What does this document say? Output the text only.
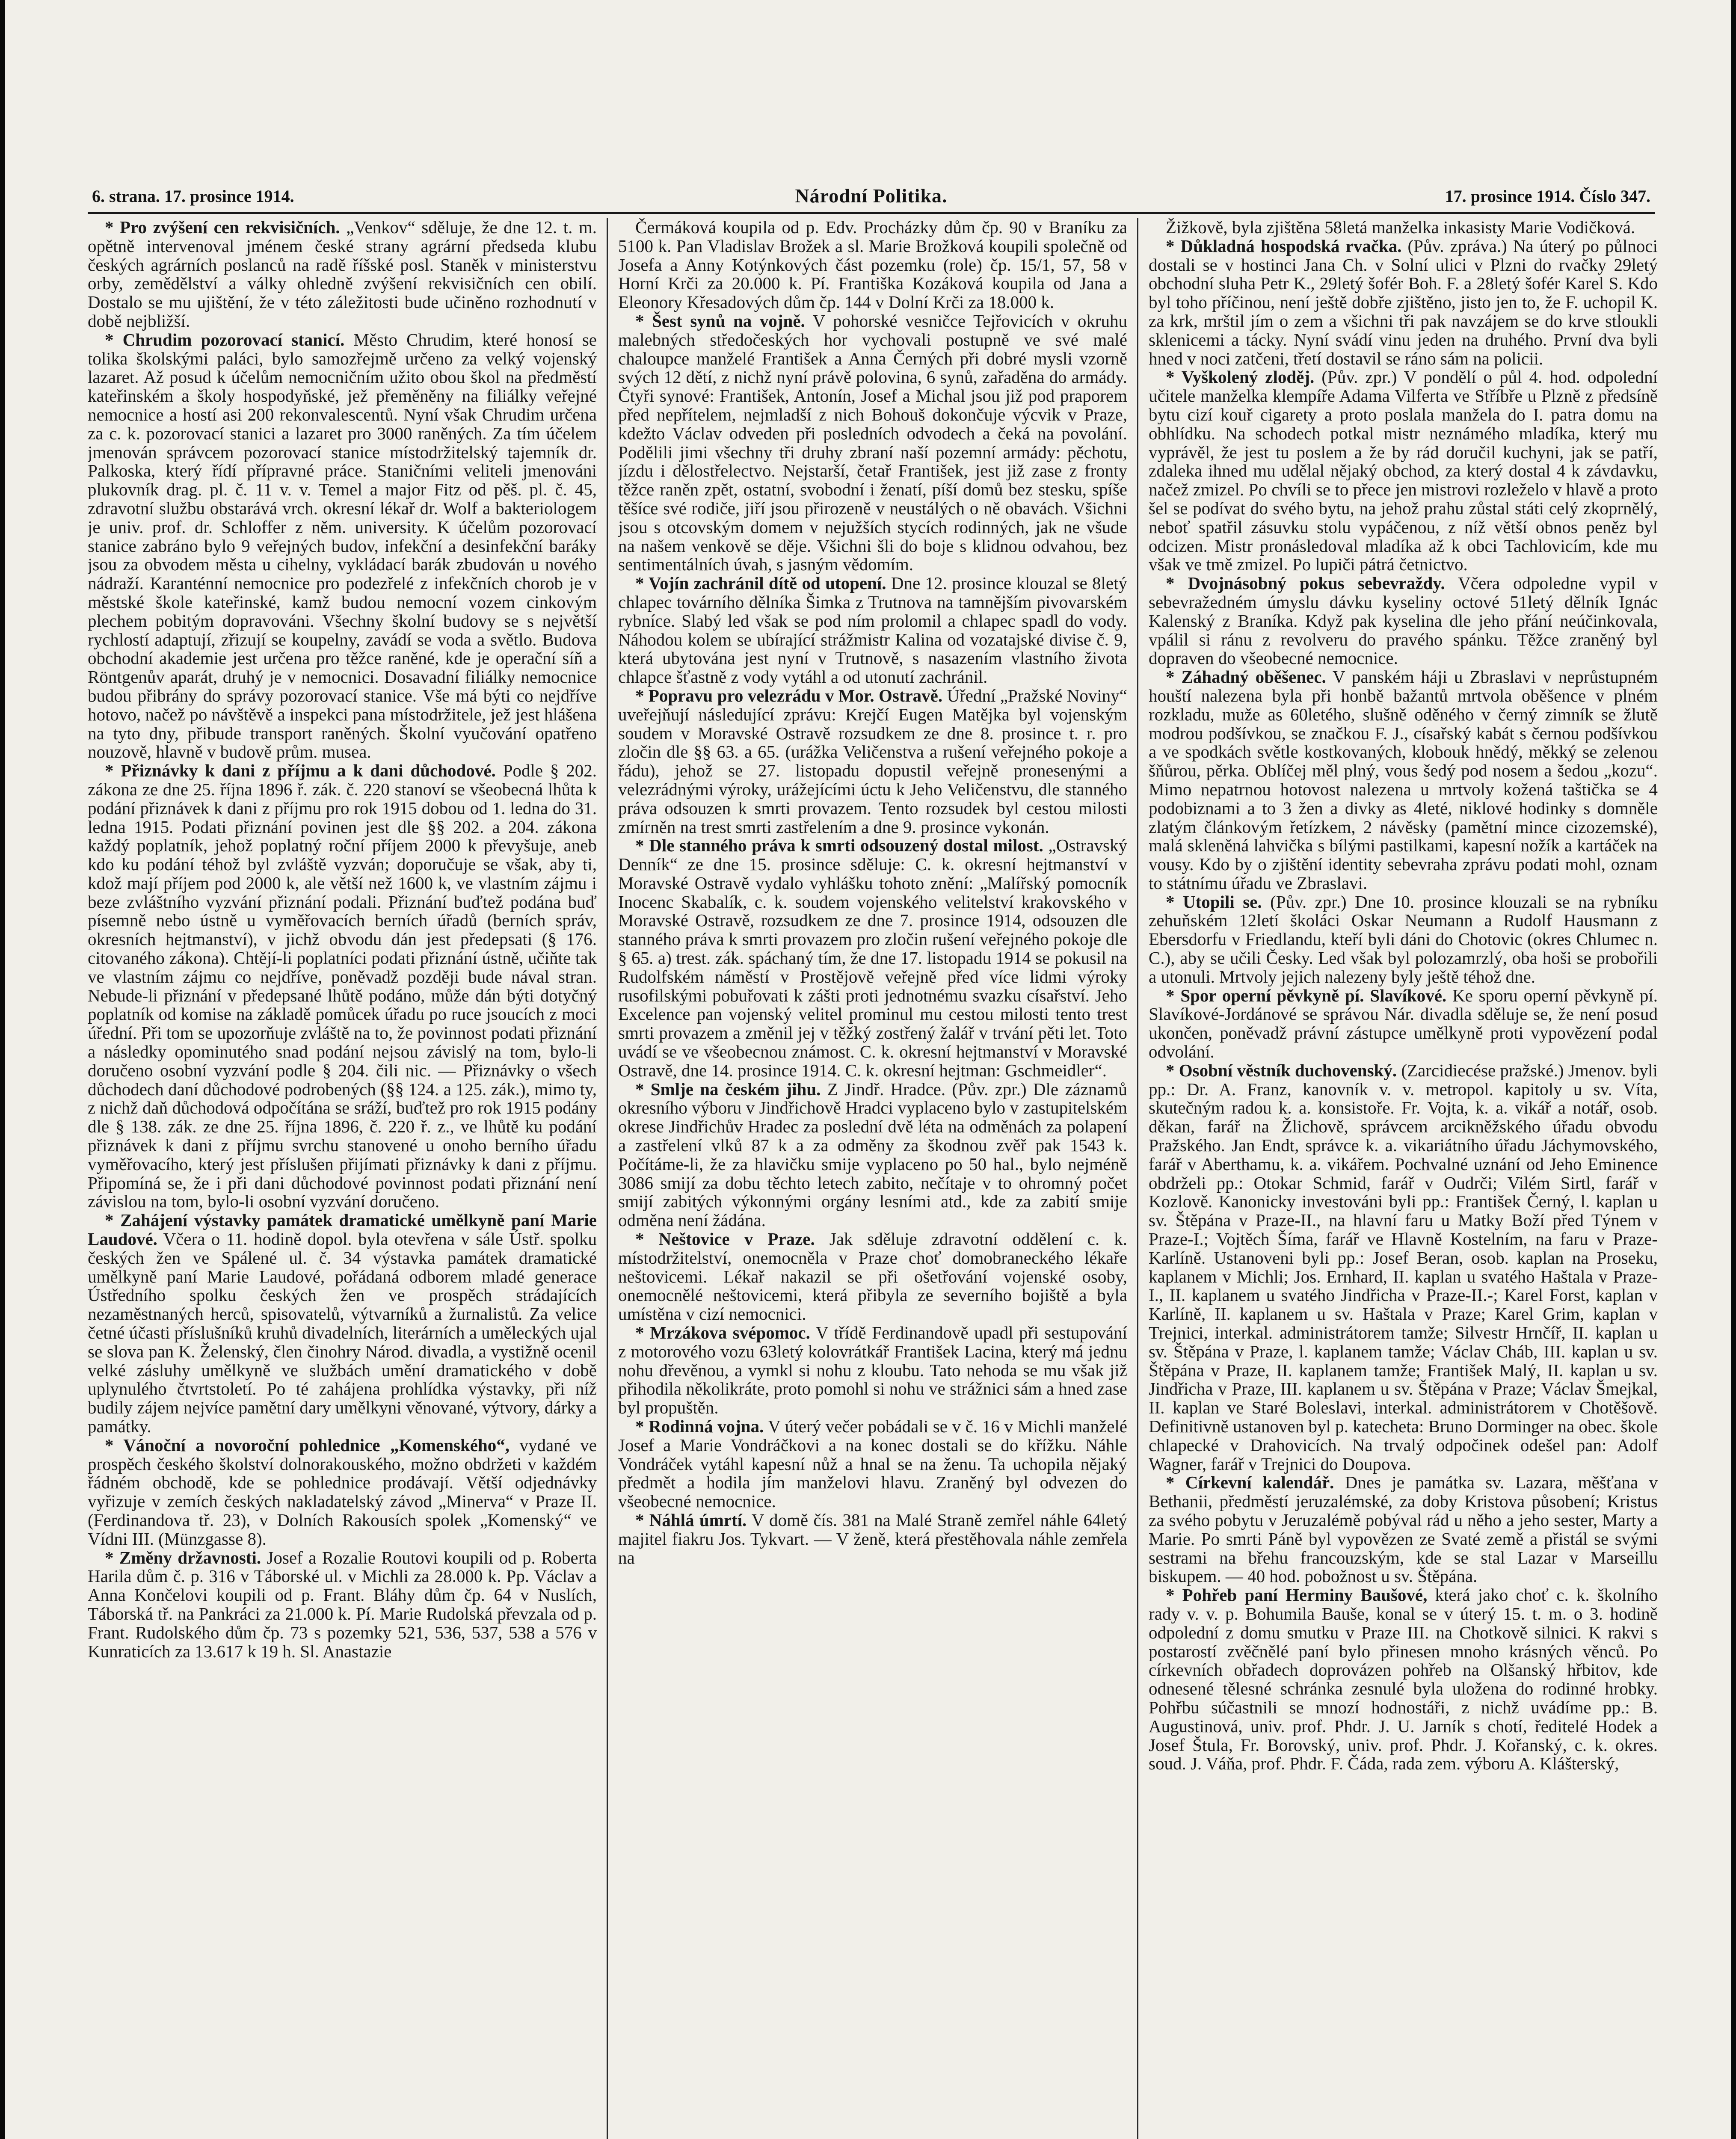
6. strana. 17. prosince 1914.	Národní Politika.	17. prosince 1914. Číslo 347.

* Pro zvýšení cen rekvisičních. „Venkov“ sděluje, že dne 12. t. m. opětně intervenoval jménem české strany agrární předseda klubu českých agrárních poslanců na radě říšské posl. Staněk v ministerstvu orby, zemědělství a války ohledně zvýšení rekvisičních cen obilí. Dostalo se mu ujištění, že v této záležitosti bude učiněno rozhodnutí v době nejbližší.

* Chrudim pozorovací stanicí. Město Chrudim, které honosí se tolika školskými paláci, bylo samozřejmě určeno za velký vojenský lazaret. Až posud k účelům nemocničním užito obou škol na předměstí kateřinském a školy hospodyňské, jež přeměněny na filiálky veřejné nemocnice a hostí asi 200 rekonvalescentů. Nyní však Chrudim určena za c. k. pozorovací stanici a lazaret pro 3000 raněných. Za tím účelem jmenován správcem pozorovací stanice místodržitelský tajemník dr. Palkoska, který řídí přípravné práce. Staničními veliteli jmenováni plukovník drag. pl. č. 11 v. v. Temel a major Fitz od pěš. pl. č. 45, zdravotní službu obstarává vrch. okresní lékař dr. Wolf a bakteriologem je univ. prof. dr. Schloffer z něm. university. K účelům pozorovací stanice zabráno bylo 9 veřejných budov, infekční a desinfekční baráky jsou za obvodem města u cihelny, vykládací barák zbudován u nového nádraží. Karanténní nemocnice pro podezřelé z infekčních chorob je v městské škole kateřinské, kamž budou nemocní vozem cinkovým plechem pobitým dopravováni. Všechny školní budovy se s největší rychlostí adaptují, zřizují se koupelny, zavádí se voda a světlo. Budova obchodní akademie jest určena pro těžce raněné, kde je operační síň a Röntgenův aparát, druhý je v nemocnici. Dosavadní filiálky nemocnice budou přibrány do správy pozorovací stanice. Vše má býti co nejdříve hotovo, načež po návštěvě a inspekci pana místodržitele, jež jest hlášena na tyto dny, přibude transport raněných. Školní vyučování opatřeno nouzově, hlavně v budově prům. musea.

* Přiznávky k dani z příjmu a k dani důchodové. Podle § 202. zákona ze dne 25. října 1896 ř. zák. č. 220 stanoví se všeobecná lhůta k podání přiznávek k dani z příjmu pro rok 1915 dobou od 1. ledna do 31. ledna 1915. Podati přiznání povinen jest dle §§ 202. a 204. zákona každý poplatník, jehož poplatný roční příjem 2000 k převyšuje, aneb kdo ku podání téhož byl zvláště vyzván; doporučuje se však, aby ti, kdož mají příjem pod 2000 k, ale větší než 1600 k, ve vlastním zájmu i beze zvláštního vyzvání přiznání podali. Přiznání buďtež podána buď písemně nebo ústně u vyměřovacích berních úřadů (berních správ, okresních hejtmanství), v jichž obvodu dán jest předepsati (§ 176. citovaného zákona). Chtějí-li poplatníci podati přiznání ústně, učiňte tak ve vlastním zájmu co nejdříve, poněvadž později bude nával stran. Nebude-li přiznání v předepsané lhůtě podáno, může dán býti dotyčný poplatník od komise na základě pomůcek úřadu po ruce jsoucích z moci úřední. Při tom se upozorňuje zvláště na to, že povinnost podati přiznání a následky opominutého snad podání nejsou závislý na tom, bylo-li doručeno osobní vyzvání podle § 204. čili nic. — Přiznávky o všech důchodech daní důchodové podrobených (§§ 124. a 125. zák.), mimo ty, z nichž daň důchodová odpočítána se sráží, buďtež pro rok 1915 podány dle § 138. zák. ze dne 25. října 1896, č. 220 ř. z., ve lhůtě ku podání přiznávek k dani z příjmu svrchu stanovené u onoho berního úřadu vyměřovacího, který jest příslušen přijímati přiznávky k dani z příjmu. Připomíná se, že i při dani důchodové povinnost podati přiznání není závislou na tom, bylo-li osobní vyzvání doručeno.

* Zahájení výstavky památek dramatické umělkyně paní Marie Laudové. Včera o 11. hodině dopol. byla otevřena v sále Ústř. spolku českých žen ve Spálené ul. č. 34 výstavka památek dramatické umělkyně paní Marie Laudové, pořádaná odborem mladé generace Ústředního spolku českých žen ve prospěch strádajících nezaměstnaných herců, spisovatelů, výtvarníků a žurnalistů. Za velice četné účasti příslušníků kruhů divadelních, literárních a uměleckých ujal se slova pan K. Želenský, člen činohry Národ. divadla, a vystižně ocenil velké zásluhy umělkyně ve službách umění dramatického v době uplynulého čtvrtstoletí. Po té zahájena prohlídka výstavky, při níž budily zájem nejvíce pamětní dary umělkyni věnované, výtvory, dárky a památky.

* Vánoční a novoroční pohlednice „Komenského“, vydané ve prospěch českého školství dolnorakouského, možno obdržeti v každém řádném obchodě, kde se pohlednice prodávají. Větší odjednávky vyřizuje v zemích českých nakladatelský závod „Minerva“ v Praze II. (Ferdinandova tř. 23), v Dolních Rakousích spolek „Komenský“ ve Vídni III. (Münzgasse 8).

* Změny državnosti. Josef a Rozalie Routovi koupili od p. Roberta Harila dům č. p. 316 v Táborské ul. v Michli za 28.000 k. Pp. Václav a Anna Končelovi koupili od p. Frant. Bláhy dům čp. 64 v Nuslích, Táborská tř. na Pankráci za 21.000 k. Pí. Marie Rudolská převzala od p. Frant. Rudolského dům čp. 73 s pozemky 521, 536, 537, 538 a 576 v Kunraticích za 13.617 k 19 h. Sl. Anastazie

Čermáková koupila od p. Edv. Procházky dům čp. 90 v Braníku za 5100 k. Pan Vladislav Brožek a sl. Marie Brožková koupili společně od Josefa a Anny Kotýnkových část pozemku (role) čp. 15/1, 57, 58 v Horní Krči za 20.000 k. Pí. Františka Kozáková koupila od Jana a Eleonory Křesadových dům čp. 144 v Dolní Krči za 18.000 k.

* Šest synů na vojně. V pohorské vesničce Tejřovicích v okruhu malebných středočeských hor vychovali postupně ve své malé chaloupce manželé František a Anna Černých při dobré mysli vzorně svých 12 dětí, z nichž nyní právě polovina, 6 synů, zařaděna do armády. Čtyři synové: František, Antonín, Josef a Michal jsou již pod praporem před nepřítelem, nejmladší z nich Bohouš dokončuje výcvik v Praze, kdežto Václav odveden při posledních odvodech a čeká na povolání. Podělili jimi všechny tři druhy zbraní naší pozemní armády: pěchotu, jízdu i dělostřelectvo. Nejstarší, četař František, jest již zase z fronty těžce raněn zpět, ostatní, svobodní i ženatí, píší domů bez stesku, spíše těšíce své rodiče, jiří jsou přirozeně v neustálých o ně obavách. Všichni jsou s otcovským domem v nejužších stycích rodinných, jak ne všude na našem venkově se děje. Všichni šli do boje s klidnou odvahou, bez sentimentálních úvah, s jasným vědomím.

* Vojín zachránil dítě od utopení. Dne 12. prosince klouzal se 8letý chlapec továrního dělníka Šimka z Trutnova na tamnějším pivovarském rybníce. Slabý led však se pod ním prolomil a chlapec spadl do vody. Náhodou kolem se ubírající strážmistr Kalina od vozatajské divise č. 9, která ubytována jest nyní v Trutnově, s nasazením vlastního života chlapce šťastně z vody vytáhl a od utonutí zachránil.

* Popravu pro velezrádu v Mor. Ostravě. Úřední „Pražské Noviny“ uveřejňují následující zprávu: Krejčí Eugen Matějka byl vojenským soudem v Moravské Ostravě rozsudkem ze dne 8. prosince t. r. pro zločin dle §§ 63. a 65. (urážka Veličenstva a rušení veřejného pokoje a řádu), jehož se 27. listopadu dopustil veřejně pronesenými a velezrádnými výroky, urážejícími úctu k Jeho Veličenstvu, dle stanného práva odsouzen k smrti provazem. Tento rozsudek byl cestou milosti zmírněn na trest smrti zastřelením a dne 9. prosince vykonán.

* Dle stanného práva k smrti odsouzený dostal milost. „Ostravský Denník“ ze dne 15. prosince sděluje: C. k. okresní hejtmanství v Moravské Ostravě vydalo vyhlášku tohoto znění: „Malířský pomocník Inocenc Skabalík, c. k. soudem vojenského velitelství krakovského v Moravské Ostravě, rozsudkem ze dne 7. prosince 1914, odsouzen dle stanného práva k smrti provazem pro zločin rušení veřejného pokoje dle § 65. a) trest. zák. spáchaný tím, že dne 17. listopadu 1914 se pokusil na Rudolfském náměstí v Prostějově veřejně před více lidmi výroky rusofilskými pobuřovati k zášti proti jednotnému svazku císařství. Jeho Excelence pan vojenský velitel prominul mu cestou milosti tento trest smrti provazem a změnil jej v těžký zostřený žalář v trvání pěti let. Toto uvádí se ve všeobecnou známost. C. k. okresní hejtmanství v Moravské Ostravě, dne 14. prosince 1914. C. k. okresní hejtman: Gschmeidler“.

* Smlje na českém jihu. Z Jindř. Hradce. (Pův. zpr.) Dle záznamů okresního výboru v Jindřichově Hradci vyplaceno bylo v zastupitelském okrese Jindřichův Hradec za poslední dvě léta na odměnách za polapení a zastřelení vlků 87 k a za odměny za škodnou zvěř pak 1543 k. Počítáme-li, že za hlavičku smije vyplaceno po 50 hal., bylo nejméně 3086 smijí za dobu těchto letech zabito, nečítaje v to ohromný počet smijí zabitých výkonnými orgány lesními atd., kde za zabití smije odměna není žádána.

* Neštovice v Praze. Jak sděluje zdravotní oddělení c. k. místodržitelství, onemocněla v Praze choť domobraneckého lékaře neštovicemi. Lékař nakazil se při ošetřování vojenské osoby, onemocnělé neštovicemi, která přibyla ze severního bojiště a byla umístěna v cizí nemocnici.

* Mrzákova svépomoc. V třídě Ferdinandově upadl při sestupování z motorového vozu 63letý kolovrátkář František Lacina, který má jednu nohu dřevěnou, a vymkl si nohu z kloubu. Tato nehoda se mu však již přihodila několikráte, proto pomohl si nohu ve strážnici sám a hned zase byl propuštěn.

* Rodinná vojna. V úterý večer pobádali se v č. 16 v Michli manželé Josef a Marie Vondráčkovi a na konec dostali se do křížku. Náhle Vondráček vytáhl kapesní nůž a hnal se na ženu. Ta uchopila nějaký předmět a hodila jím manželovi hlavu. Zraněný byl odvezen do všeobecné nemocnice.

* Náhlá úmrtí. V domě čís. 381 na Malé Straně zemřel náhle 64letý majitel fiakru Jos. Tykvart. — V ženě, která přestěhovala náhle zemřela na

Žižkově, byla zjištěna 58letá manželka inkasisty Marie Vodičková.

* Důkladná hospodská rvačka. (Pův. zpráva.) Na úterý po půlnoci dostali se v hostinci Jana Ch. v Solní ulici v Plzni do rvačky 29letý obchodní sluha Petr K., 29letý šofér Boh. F. a 28letý šofér Karel S. Kdo byl toho příčinou, není ještě dobře zjištěno, jisto jen to, že F. uchopil K. za krk, mrštil jím o zem a všichni tři pak navzájem se do krve stloukli sklenicemi a tácky. Nyní svádí vinu jeden na druhého. První dva byli hned v noci zatčeni, třetí dostavil se ráno sám na policii.

* Vyškolený zloděj. (Pův. zpr.) V pondělí o půl 4. hod. odpolední učitele manželka klempíře Adama Vilferta ve Stříbře u Plzně z předsíně bytu cizí kouř cigarety a proto poslala manžela do I. patra domu na obhlídku. Na schodech potkal mistr neznámého mladíka, který mu vyprávěl, že jest tu poslem a že by rád doručil kuchyni, jak se patří, zdaleka ihned mu udělal nějaký obchod, za který dostal 4 k závdavku, načež zmizel. Po chvíli se to přece jen mistrovi rozleželo v hlavě a proto šel se podívat do svého bytu, na jehož prahu zůstal státi celý zkoprnělý, neboť spatřil zásuvku stolu vypáčenou, z níž větší obnos peněz byl odcizen. Mistr pronásledoval mladíka až k obci Tachlovicím, kde mu však ve tmě zmizel. Po lupiči pátrá četnictvo.

* Dvojnásobný pokus sebevraždy. Včera odpoledne vypil v sebevražedném úmyslu dávku kyseliny octové 51letý dělník Ignác Kalenský z Braníka. Když pak kyselina dle jeho přání neúčinkovala, vpálil si ránu z revolveru do pravého spánku. Těžce zraněný byl dopraven do všeobecné nemocnice.

* Záhadný oběšenec. V panském háji u Zbraslavi v neprůstupném houští nalezena byla při honbě bažantů mrtvola oběšence v plném rozkladu, muže as 60letého, slušně oděného v černý zimník se žlutě modrou podšívkou, se značkou F. J., císařský kabát s černou podšívkou a ve spodkách světle kostkovaných, klobouk hnědý, měkký se zelenou šňůrou, pěrka. Oblíčej měl plný, vous šedý pod nosem a šedou „kozu“. Mimo nepatrnou hotovost nalezena u mrtvoly kožená taštička se 4 podobiznami a to 3 žen a divky as 4leté, niklové hodinky s domněle zlatým článkovým řetízkem, 2 návěsky (pamětní mince cizozemské), malá skleněná lahvička s bílými pastilkami, kapesní nožík a kartáček na vousy. Kdo by o zjištění identity sebevraha zprávu podati mohl, oznam to státnímu úřadu ve Zbraslavi.

* Utopili se. (Pův. zpr.) Dne 10. prosince klouzali se na rybníku zehuňském 12letí školáci Oskar Neumann a Rudolf Hausmann z Ebersdorfu v Friedlandu, kteří byli dáni do Chotovic (okres Chlumec n. C.), aby se učili Česky. Led však byl polozamrzlý, oba hoši se probořili a utonuli. Mrtvoly jejich nalezeny byly ještě téhož dne.

* Spor operní pěvkyně pí. Slavíkové. Ke sporu operní pěvkyně pí. Slavíkové-Jordánové se správou Nár. divadla sděluje se, že není posud ukončen, poněvadž právní zástupce umělkyně proti vypovězení podal odvolání.

* Osobní věstník duchovenský. (Zarcidiecése pražské.) Jmenov. byli pp.: Dr. A. Franz, kanovník v. v. metropol. kapitoly u sv. Víta, skutečným radou k. a. konsistoře. Fr. Vojta, k. a. vikář a notář, osob. děkan, farář na Žlichově, správcem arcikněžského úřadu obvodu Pražského. Jan Endt, správce k. a. vikariátního úřadu Jáchymovského, farář v Aberthamu, k. a. vikářem. Pochvalné uznání od Jeho Eminence obdrželi pp.: Otokar Schmid, farář v Oudrči; Vilém Sirtl, farář v Kozlově. Kanonicky investováni byli pp.: František Černý, l. kaplan u sv. Štěpána v Praze-II., na hlavní faru u Matky Boží před Týnem v Praze-I.; Vojtěch Šíma, farář ve Hlavně Kostelním, na faru v Praze-Karlíně. Ustanoveni byli pp.: Josef Beran, osob. kaplan na Proseku, kaplanem v Michli; Jos. Ernhard, II. kaplan u svatého Haštala v Praze-I., II. kaplanem u svatého Jindřicha v Praze-II.-; Karel Forst, kaplan v Karlíně, II. kaplanem u sv. Haštala v Praze; Karel Grim, kaplan v Trejnici, interkal. administrátorem tamže; Silvestr Hrnčíř, II. kaplan u sv. Štěpána v Praze, l. kaplanem tamže; Václav Cháb, III. kaplan u sv. Štěpána v Praze, II. kaplanem tamže; František Malý, II. kaplan u sv. Jindřicha v Praze, III. kaplanem u sv. Štěpána v Praze; Václav Šmejkal, II. kaplan ve Staré Boleslavi, interkal. administrátorem v Chotěšově. Definitivně ustanoven byl p. katecheta: Bruno Dorminger na obec. škole chlapecké v Drahovicích. Na trvalý odpočinek odešel pan: Adolf Wagner, farář v Trejnici do Doupova.

* Církevní kalendář. Dnes je památka sv. Lazara, měšťana v Bethanii, předměstí jeruzalémské, za doby Kristova působení; Kristus za svého pobytu v Jeruzalémě pobýval rád u něho a jeho sester, Marty a Marie. Po smrti Páně byl vypovězen ze Svaté země a přistál se svými sestrami na břehu francouzským, kde se stal Lazar v Marseillu biskupem. — 40 hod. pobožnost u sv. Štěpána.

* Pohřeb paní Herminy Baušové, která jako choť c. k. školního rady v. v. p. Bohumila Bauše, konal se v úterý 15. t. m. o 3. hodině odpolední z domu smutku v Praze III. na Chotkově silnici. K rakvi s postarostí zvěčnělé paní bylo přinesen mnoho krásných věnců. Po církevních obřadech doprovázen pohřeb na Olšanský hřbitov, kde odnesené tělesné schránka zesnulé byla uložena do rodinné hrobky. Pohřbu súčastnili se mnozí hodnostáři, z nichž uvádíme pp.: B. Augustinová, univ. prof. Phdr. J. U. Jarník s chotí, ředitelé Hodek a Josef Štula, Fr. Borovský, univ. prof. Phdr. J. Kořanský, c. k. okres. soud. J. Váňa, prof. Phdr. F. Čáda, rada zem. výboru A. Klášterský,
